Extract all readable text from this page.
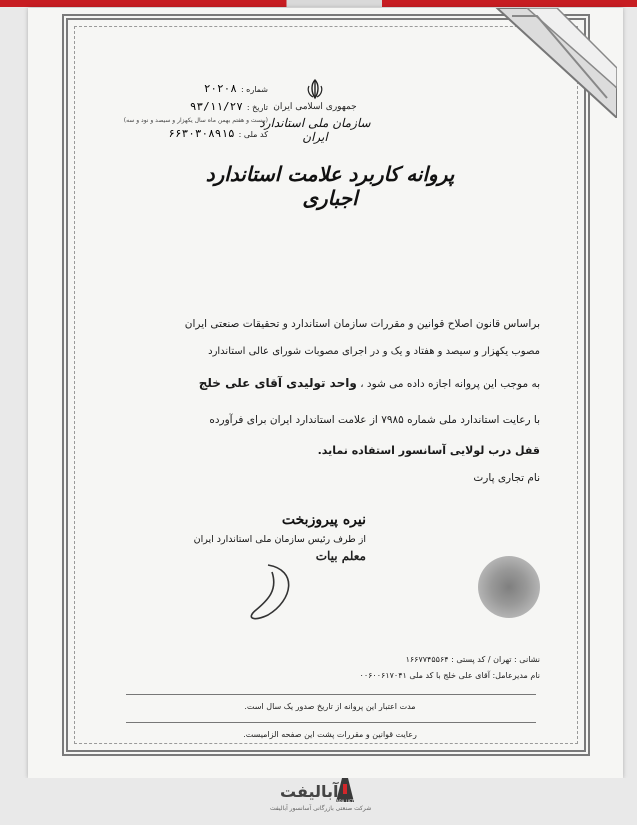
جمهوری اسلامی ایران
سازمان ملی استاندارد ایران
شماره :۲۰۲۰۸
تاریخ :۹۳/۱۱/۲۷
(بیست و هفتم بهمن ماه سال یکهزار و سیصد و نود و سه)
کد ملی :۶۶۳۰۳۰۸۹۱۵
پروانه کاربرد علامت استاندارد اجباری
براساس قانون اصلاح قوانین و مقررات سازمان استاندارد و تحقیقات صنعتی ایران
مصوب یکهزار و سیصد و هفتاد و یک و در اجرای مصوبات شورای عالی استاندارد
به موجب این پروانه اجازه داده می شود ، واحد تولیدی آقای علی خلج
با رعایت استاندارد ملی شماره ۷۹۸۵ از علامت استاندارد ایران برای فرآورده
قفل درب لولایی آسانسور استفاده نماید.
نام تجاری پارت
نیره پیروزبخت
از طرف رئیس سازمان ملی استاندارد ایران
معلم بیات
نشانی : تهران / کد پستی : ۱۶۶۷۷۴۵۵۶۴
نام مدیرعامل: آقای علی خلج با کد ملی ۰۰۶۰۰۶۱۷۰۴۱
مدت اعتبار این پروانه از تاریخ صدور یک سال است.
رعایت قوانین و مقررات پشت این صفحه الزامیست.
ABA LIFT
آبالیفت
شرکت صنعتی بازرگانی آسانسور آبالیفت
